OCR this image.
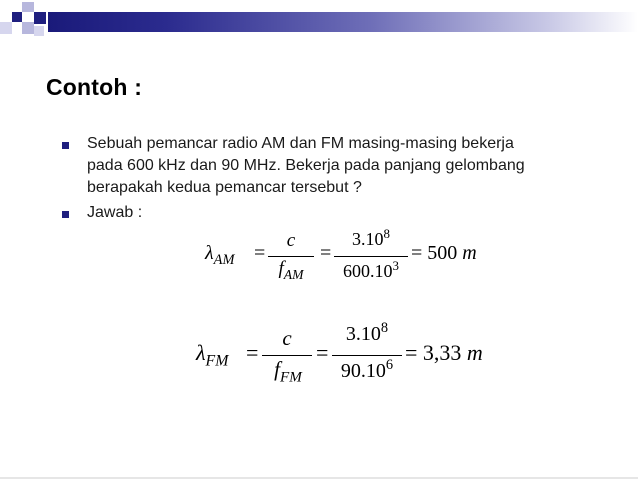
Contoh :
Sebuah pemancar radio AM dan FM masing-masing bekerja
pada 600 kHz dan 90 MHz. Bekerja pada panjang gelombang
berapakah kedua pemancar tersebut ?
Jawab :
$\lambda_{AM}$ =
c
$f_{AM}$
=
$3.10^8$
$600.10^3$
= 500 m
$\lambda_{FM}$ =
c
$f_{FM}$
=
$3.10^8$
$90.10^6 = 3,33$ m
